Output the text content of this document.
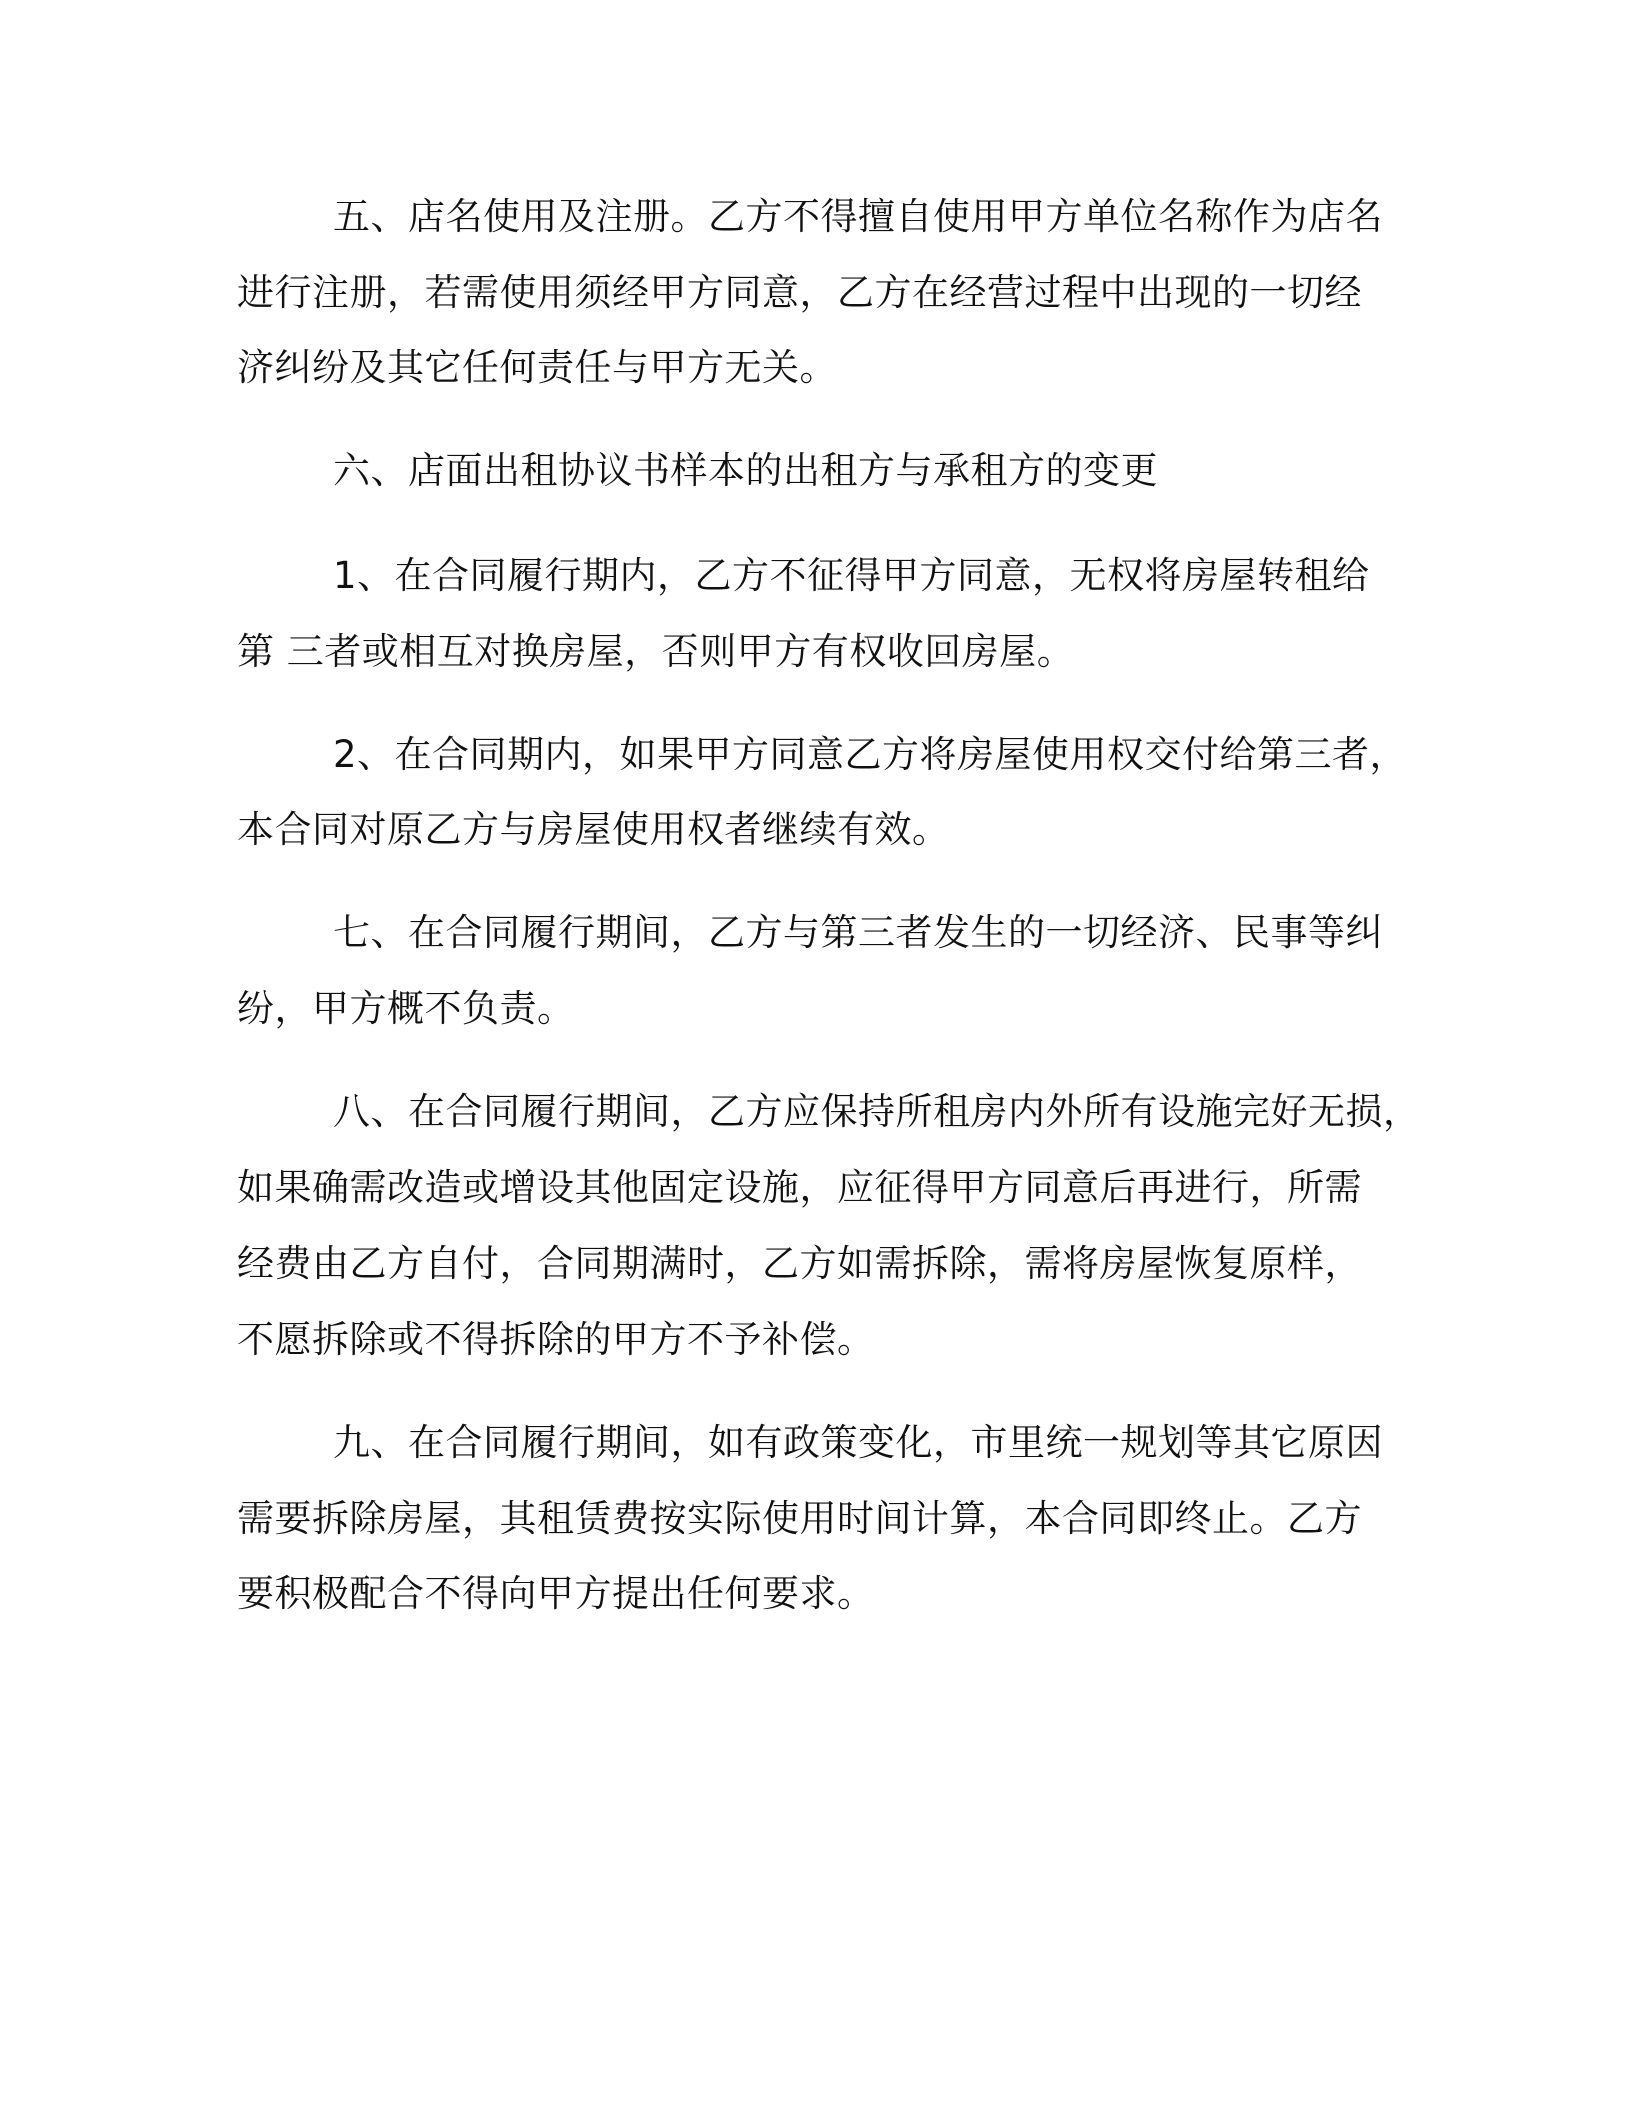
五、店名使用及注册。乙方不得擅自使用甲方单位名称作为店名

进行注册，若需使用须经甲方同意，乙方在经营过程中出现的一切经

济纠纷及其它任何责任与甲方无关。

六、店面出租协议书样本的出租方与承租方的变更

1、在合同履行期内，乙方不征得甲方同意，无权将房屋转租给

第 三者或相互对换房屋，否则甲方有权收回房屋。

2、在合同期内，如果甲方同意乙方将房屋使用权交付给第三者，

本合同对原乙方与房屋使用权者继续有效。

七、在合同履行期间，乙方与第三者发生的一切经济、民事等纠

纷，甲方概不负责。

八、在合同履行期间，乙方应保持所租房内外所有设施完好无损，

如果确需改造或增设其他固定设施，应征得甲方同意后再进行，所需

经费由乙方自付，合同期满时，乙方如需拆除，需将房屋恢复原样，

不愿拆除或不得拆除的甲方不予补偿。

九、在合同履行期间，如有政策变化，市里统一规划等其它原因

需要拆除房屋，其租赁费按实际使用时间计算，本合同即终止。乙方

要积极配合不得向甲方提出任何要求。
